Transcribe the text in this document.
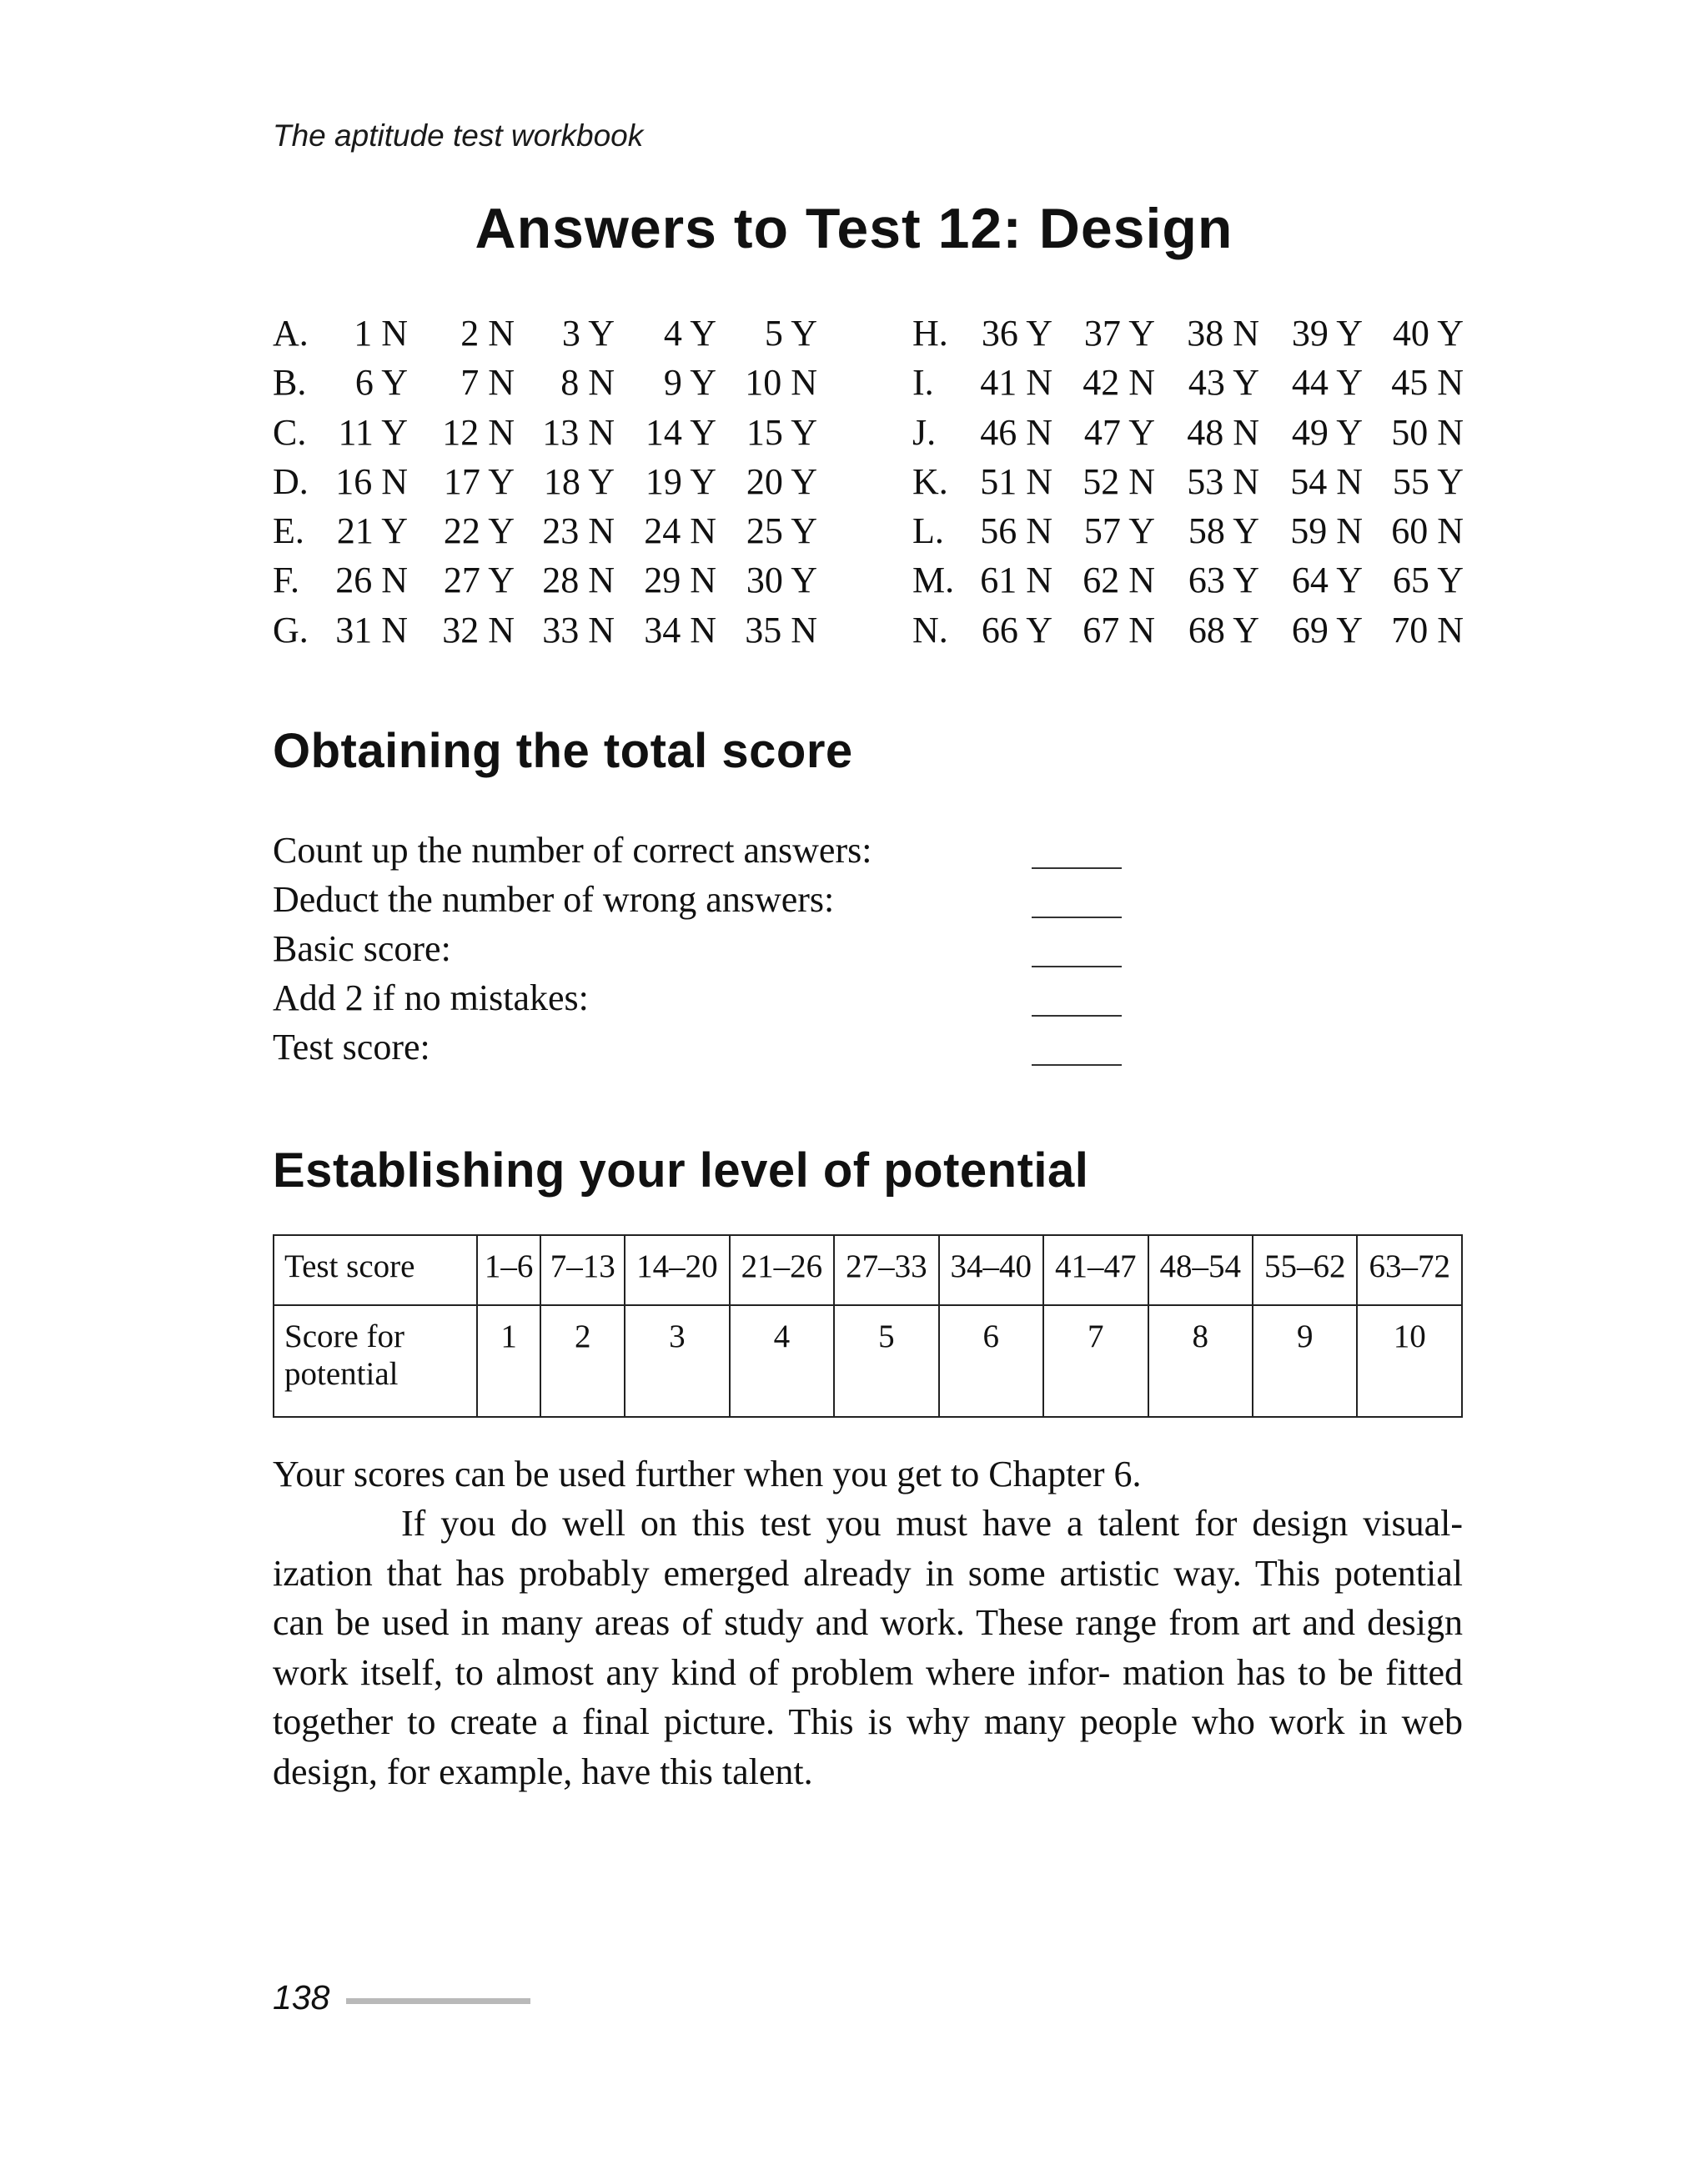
The aptitude test workbook
Answers to Test 12: Design
A. 1 N 2 N 3 Y 4 Y 5 Y
B. 6 Y 7 N 8 N 9 Y 10 N
C. 11 Y 12 N 13 N 14 Y 15 Y
D. 16 N 17 Y 18 Y 19 Y 20 Y
E. 21 Y 22 Y 23 N 24 N 25 Y
F. 26 N 27 Y 28 N 29 N 30 Y
G. 31 N 32 N 33 N 34 N 35 N
H. 36 Y 37 Y 38 N 39 Y 40 Y
I. 41 N 42 N 43 Y 44 Y 45 N
J. 46 N 47 Y 48 N 49 Y 50 N
K. 51 N 52 N 53 N 54 N 55 Y
L. 56 N 57 Y 58 Y 59 N 60 N
M. 61 N 62 N 63 Y 64 Y 65 Y
N. 66 Y 67 N 68 Y 69 Y 70 N
Obtaining the total score
Count up the number of correct answers:
Deduct the number of wrong answers:
Basic score:
Add 2 if no mistakes:
Test score:
Establishing your level of potential
Test score	1–6	7–13	14–20	21–26	27–33	34–40	41–47	48–54	55–62	63–72
Score for
potential	1	2	3	4	5	6	7	8	9	10
Your scores can be used further when you get to Chapter 6.

If you do well on this test you must have a talent for design visual- ization that has probably emerged already in some artistic way. This potential can be used in many areas of study and work. These range from art and design work itself, to almost any kind of problem where infor- mation has to be fitted together to create a final picture. This is why many people who work in web design, for example, have this talent.

138
